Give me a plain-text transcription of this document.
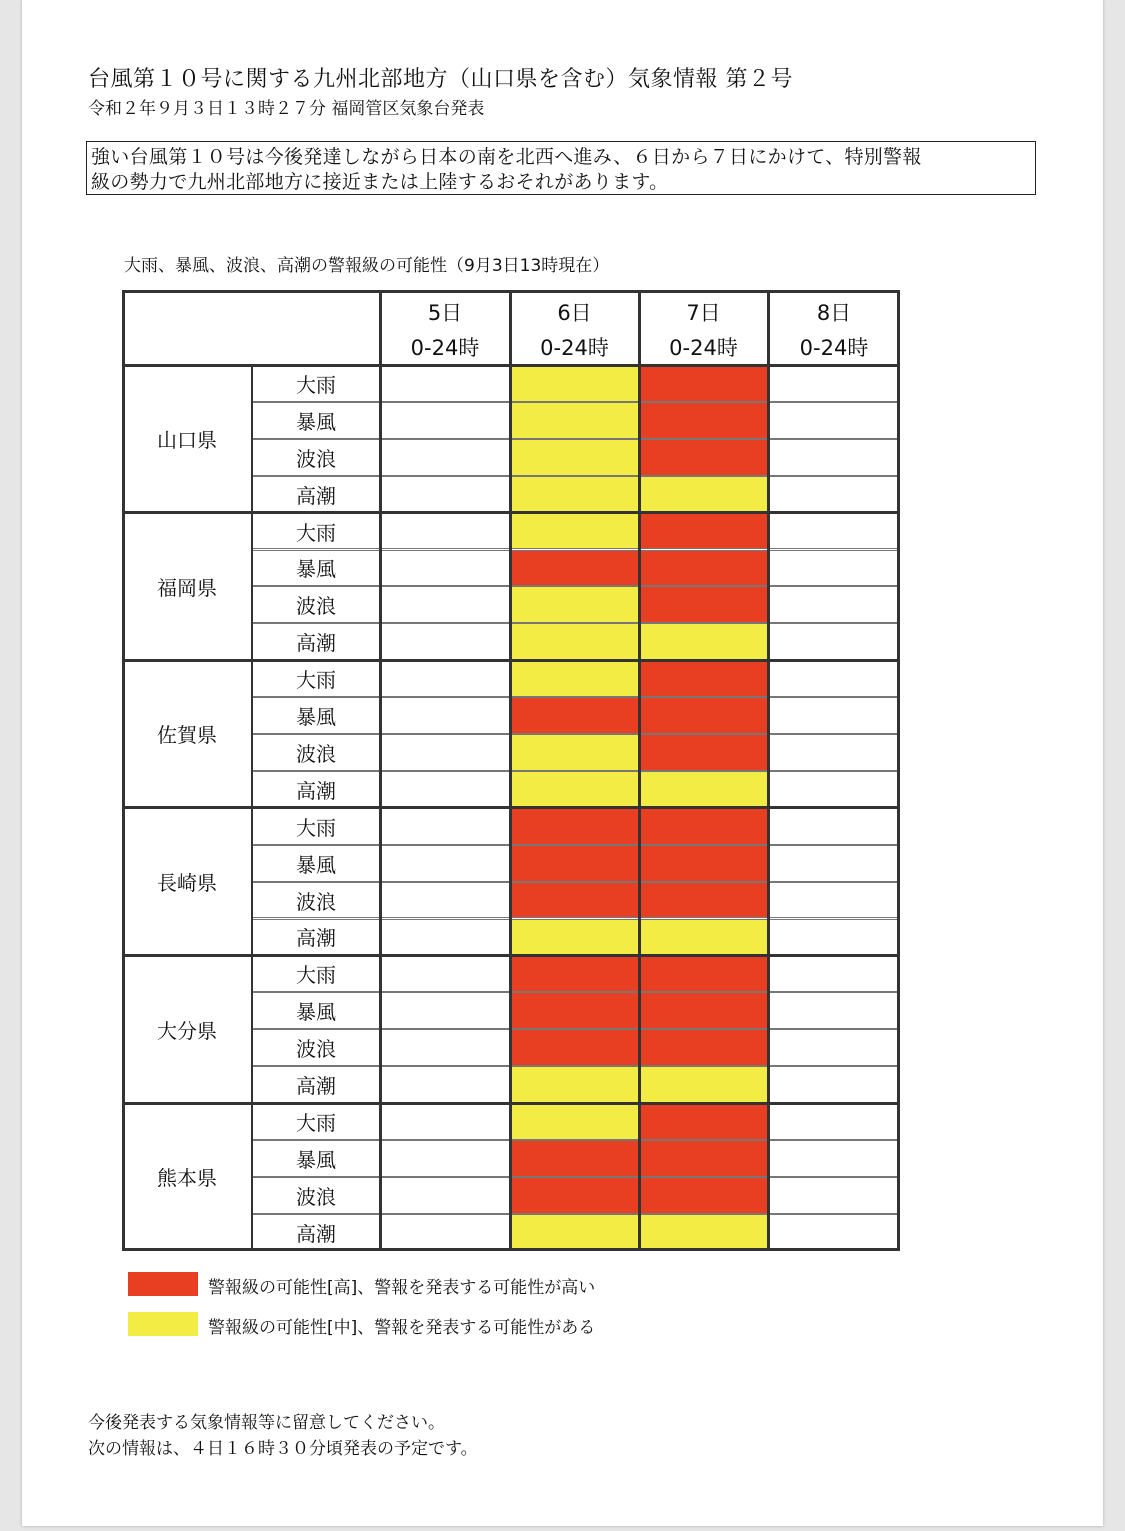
台風第１０号に関する九州北部地方（山口県を含む）気象情報 第２号
令和２年９月３日１３時２７分 福岡管区気象台発表
強い台風第１０号は今後発達しながら日本の南を北西へ進み、６日から７日にかけて、特別警報
級の勢力で九州北部地方に接近または上陸するおそれがあります。
大雨、暴風、波浪、高潮の警報級の可能性（9月3日13時現在）
5日
0-24時
6日
0-24時
7日
0-24時
8日
0-24時
山口県
大雨
暴風
波浪
高潮
福岡県
大雨
暴風
波浪
高潮
佐賀県
大雨
暴風
波浪
高潮
長崎県
大雨
暴風
波浪
高潮
大分県
大雨
暴風
波浪
高潮
熊本県
大雨
暴風
波浪
高潮
警報級の可能性[高]、警報を発表する可能性が高い
警報級の可能性[中]、警報を発表する可能性がある
今後発表する気象情報等に留意してください。
次の情報は、４日１６時３０分頃発表の予定です。
